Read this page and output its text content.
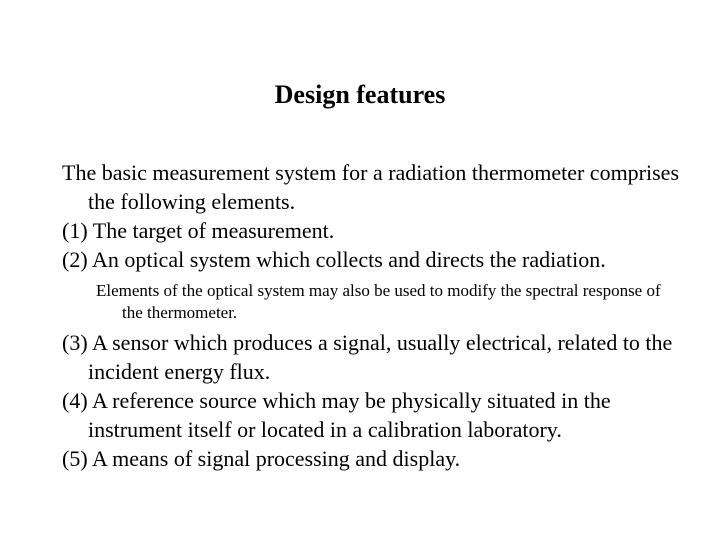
Design features

The basic measurement system for a radiation thermometer comprises the following elements.

(1) The target of measurement.

(2) An optical system which collects and directs the radiation.

Elements of the optical system may also be used to modify the spectral response of the thermometer.

(3) A sensor which produces a signal, usually electrical, related to the incident energy flux.

(4) A reference source which may be physically situated in the instrument itself or located in a calibration laboratory.

(5) A means of signal processing and display.
